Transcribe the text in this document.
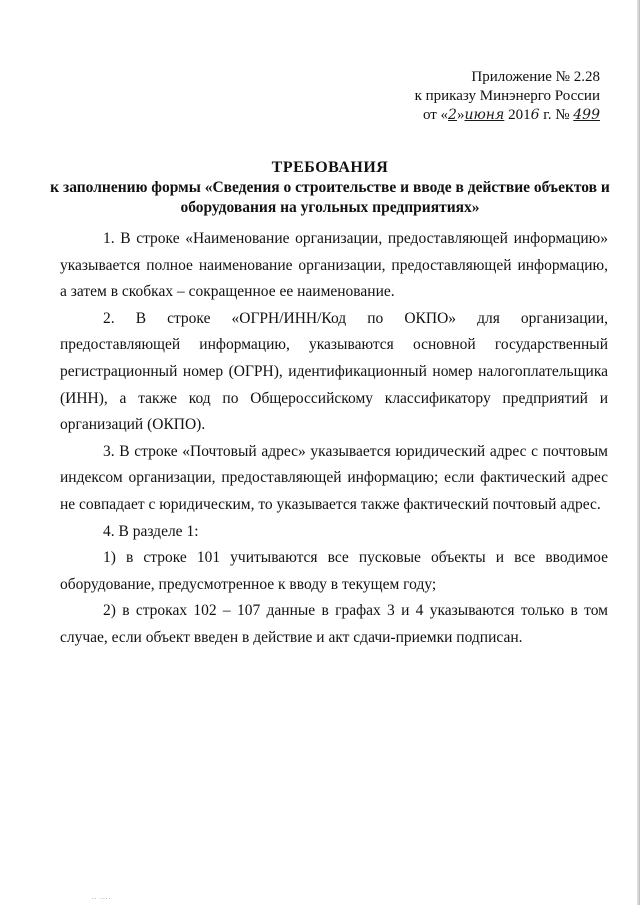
Приложение № 2.28
к приказу Минэнерго России
от «2»июня 2016 г. № 499
ТРЕБОВАНИЯ
к заполнению формы «Сведения о строительстве и вводе в действие объектов и
оборудования на угольных предприятиях»

1. В строке «Наименование организации, предоставляющей информацию» указывается полное наименование организации, предоставляющей информацию, а затем в скобках – сокращенное ее наименование.

2. В строке «ОГРН/ИНН/Код по ОКПО» для организации, предоставляющей информацию, указываются основной государственный регистрационный номер (ОГРН), идентификационный номер налогоплательщика (ИНН), а также код по Общероссийскому классификатору предприятий и организаций (ОКПО).

3. В строке «Почтовый адрес» указывается юридический адрес с почтовым индексом организации, предоставляющей информацию; если фактический адрес не совпадает с юридическим, то указывается также фактический почтовый адрес.

4. В разделе 1:

1) в строке 101 учитываются все пусковые объекты и все вводимое оборудование, предусмотренное к вводу в текущем году;

2) в строках 102 – 107 данные в графах 3 и 4 указываются только в том случае, если объект введен в действие и акт сдачи-приемки подписан.

.. ....
